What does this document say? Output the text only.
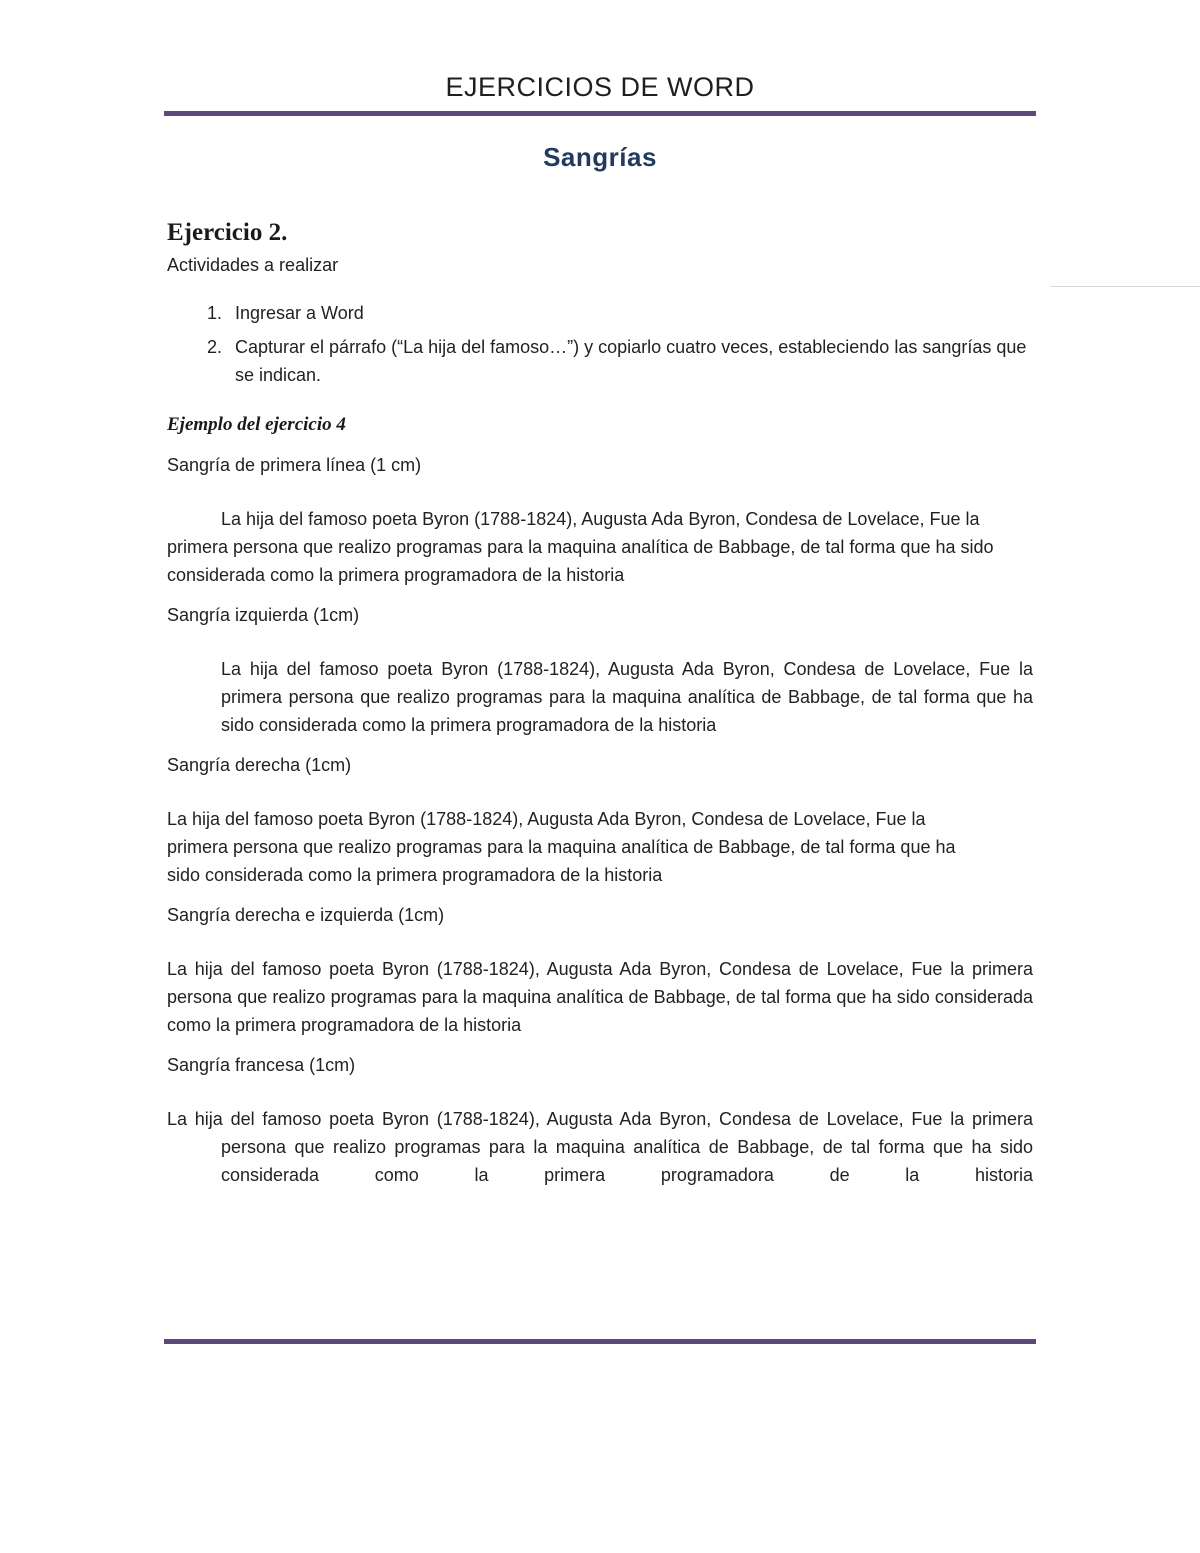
EJERCICIOS DE WORD
Sangrías

Ejercicio 2.

Actividades a realizar

1. Ingresar a Word
2. Capturar el párrafo (“La hija del famoso…”) y copiarlo cuatro veces, estableciendo las sangrías que se indican.

Ejemplo del ejercicio 4

Sangría de primera línea (1 cm)

La hija del famoso poeta Byron (1788-1824), Augusta Ada Byron, Condesa de Lovelace, Fue la primera persona que realizo programas para la maquina analítica de Babbage, de tal forma que ha sido considerada como la primera programadora de la historia

Sangría izquierda (1cm)

La hija del famoso poeta Byron (1788-1824), Augusta Ada Byron, Condesa de Lovelace, Fue la primera persona que realizo programas para la maquina analítica de Babbage, de tal forma que ha sido considerada como la primera programadora de la historia

Sangría derecha (1cm)

La hija del famoso poeta Byron (1788-1824), Augusta Ada Byron, Condesa de Lovelace, Fue la primera persona que realizo programas para la maquina analítica de Babbage, de tal forma que ha sido considerada como la primera programadora de la historia

Sangría derecha e izquierda (1cm)

La hija del famoso poeta Byron (1788-1824), Augusta Ada Byron, Condesa de Lovelace, Fue la primera persona que realizo programas para la maquina analítica de Babbage, de tal forma que ha sido considerada como la primera programadora de la historia

Sangría francesa (1cm)

La hija del famoso poeta Byron (1788-1824), Augusta Ada Byron, Condesa de Lovelace, Fue la primera persona que realizo programas para la maquina analítica de Babbage, de tal forma que ha sido considerada como la primera programadora de la historia
